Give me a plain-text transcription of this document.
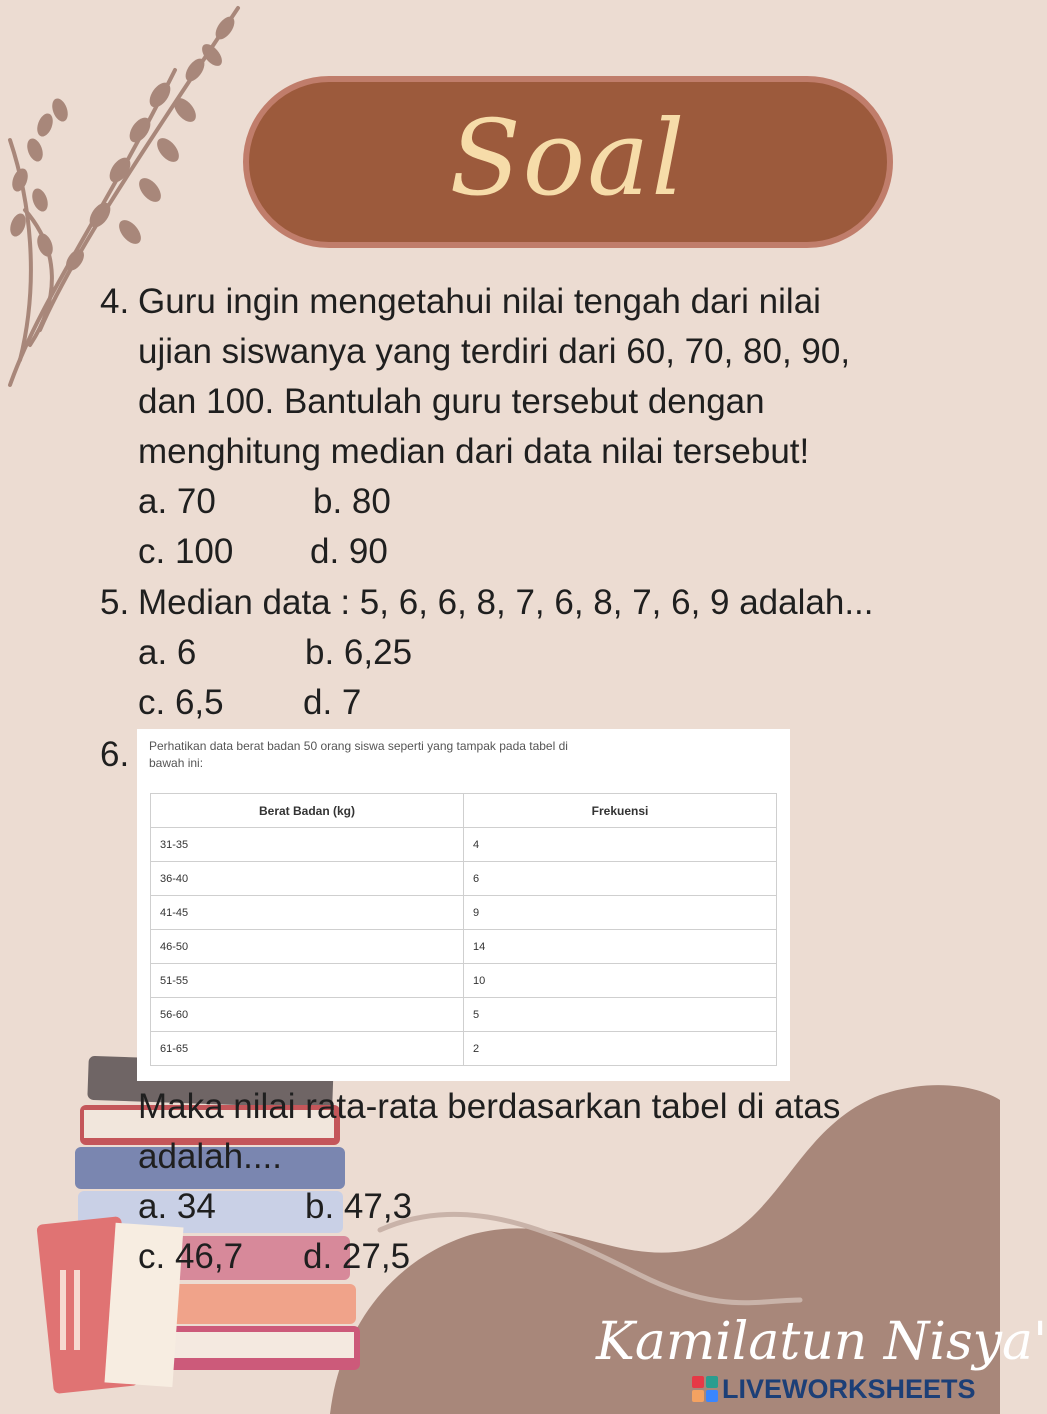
Soal
4. Guru ingin mengetahui nilai tengah dari nilai
ujian siswanya yang terdiri dari 60, 70, 80, 90,
dan 100. Bantulah guru tersebut dengan
menghitung median dari data nilai tersebut!
a. 70	b. 80
c. 100 d. 90
5. Median data : 5, 6, 6, 8, 7, 6, 8, 7, 6, 9 adalah...
a. 6	b. 6,25
c. 6,5 d. 7
6. Perhatikan data berat badan 50 orang siswa seperti yang tampak pada tabel di bawah ini:
Berat Badan (kg)	Frekuensi
31-35	4
36-40	6
41-45	9
46-50	14
51-55	10
56-60	5
61-65	2
Maka nilai rata-rata berdasarkan tabel di atas
adalah....
a. 34	b. 47,3
c. 46,7 d. 27,5
Kamilatun Nisya'
LIVEWORKSHEETS
